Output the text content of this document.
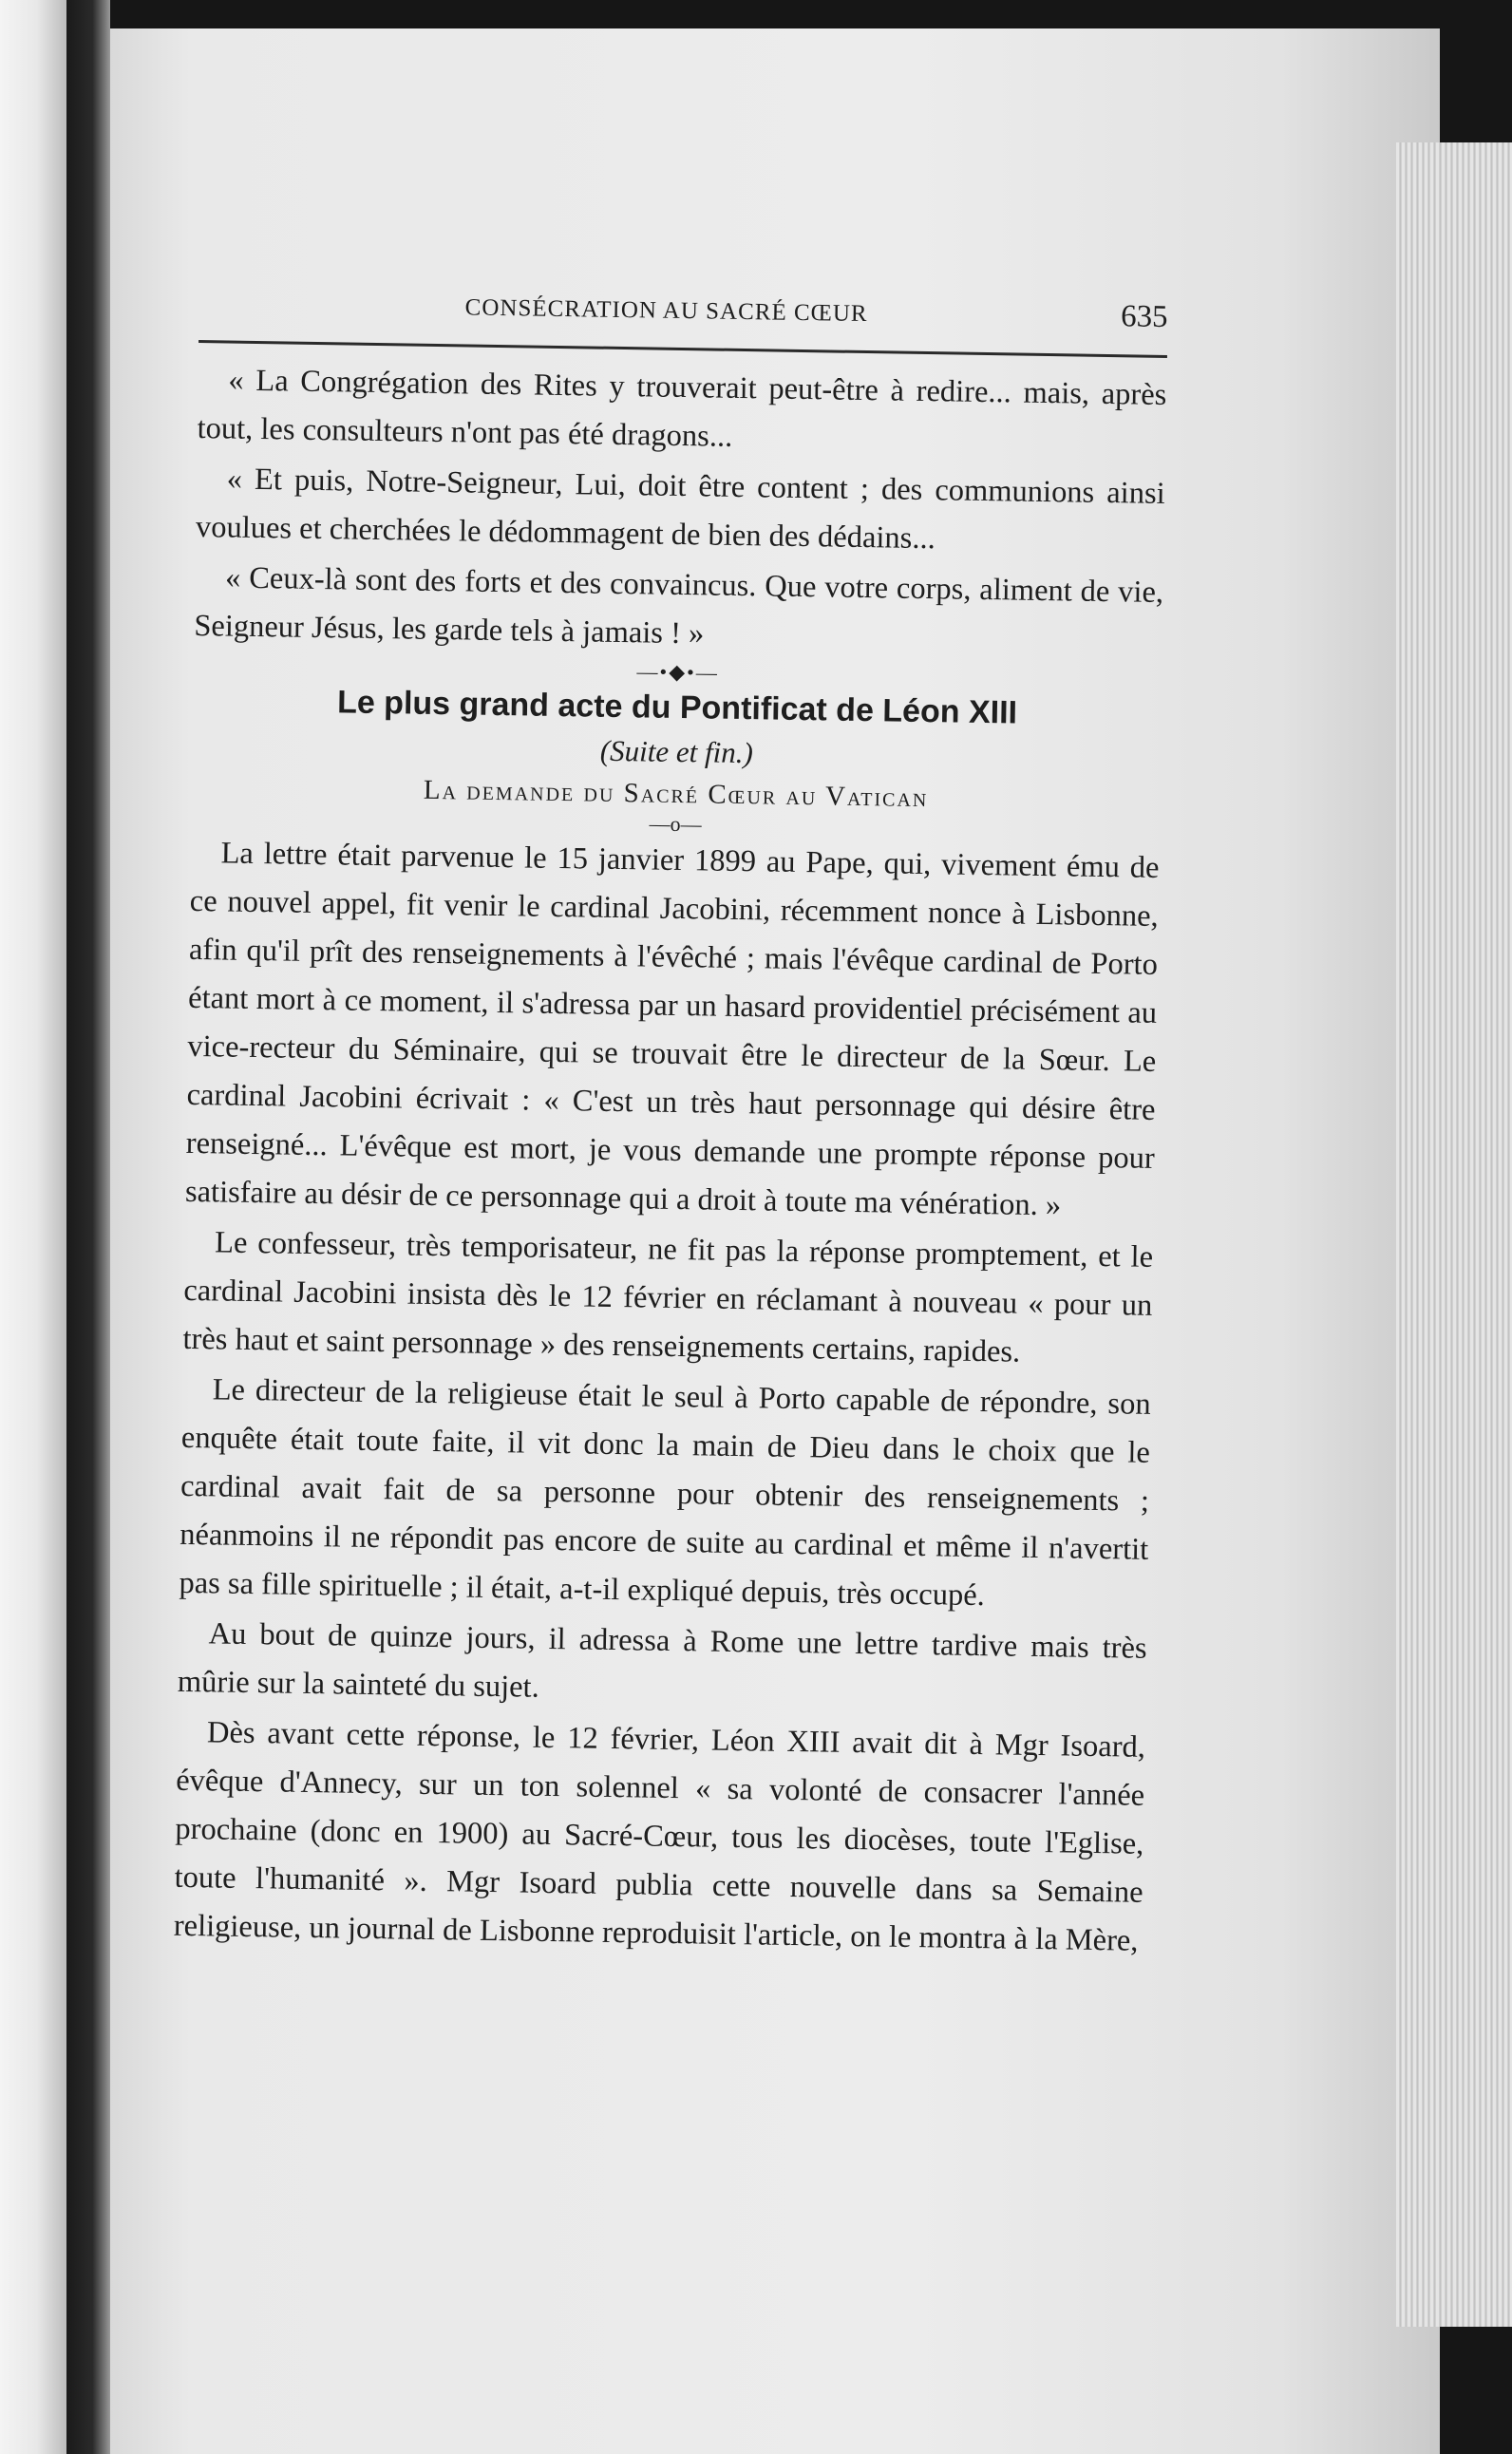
CONSÉCRATION AU SACRÉ CŒUR	635

« La Congrégation des Rites y trouverait peut-être à redire... mais, après tout, les consulteurs n'ont pas été dragons...

« Et puis, Notre-Seigneur, Lui, doit être content ; des communions ainsi voulues et cherchées le dédommagent de bien des dédains...

« Ceux-là sont des forts et des convaincus. Que votre corps, aliment de vie, Seigneur Jésus, les garde tels à jamais ! »

—•◆•—
Le plus grand acte du Pontificat de Léon XIII
(Suite et fin.)
La demande du Sacré Cœur au Vatican
—o—

La lettre était parvenue le 15 janvier 1899 au Pape, qui, vivement ému de ce nouvel appel, fit venir le cardinal Jacobini, récemment nonce à Lisbonne, afin qu'il prît des renseignements à l'évêché ; mais l'évêque cardinal de Porto étant mort à ce moment, il s'adressa par un hasard providentiel précisément au vice-recteur du Séminaire, qui se trouvait être le directeur de la Sœur. Le cardinal Jacobini écrivait : « C'est un très haut personnage qui désire être renseigné... L'évêque est mort, je vous demande une prompte réponse pour satisfaire au désir de ce personnage qui a droit à toute ma vénération. »

Le confesseur, très temporisateur, ne fit pas la réponse promptement, et le cardinal Jacobini insista dès le 12 février en réclamant à nouveau « pour un très haut et saint personnage » des renseignements certains, rapides.

Le directeur de la religieuse était le seul à Porto capable de répondre, son enquête était toute faite, il vit donc la main de Dieu dans le choix que le cardinal avait fait de sa personne pour obtenir des renseignements ; néanmoins il ne répondit pas encore de suite au cardinal et même il n'avertit pas sa fille spirituelle ; il était, a-t-il expliqué depuis, très occupé.

Au bout de quinze jours, il adressa à Rome une lettre tardive mais très mûrie sur la sainteté du sujet.

Dès avant cette réponse, le 12 février, Léon XIII avait dit à Mgr Isoard, évêque d'Annecy, sur un ton solennel « sa volonté de consacrer l'année prochaine (donc en 1900) au Sacré-Cœur, tous les diocèses, toute l'Eglise, toute l'humanité ». Mgr Isoard publia cette nouvelle dans sa Semaine religieuse, un journal de Lisbonne reproduisit l'article, on le montra à la Mère,
